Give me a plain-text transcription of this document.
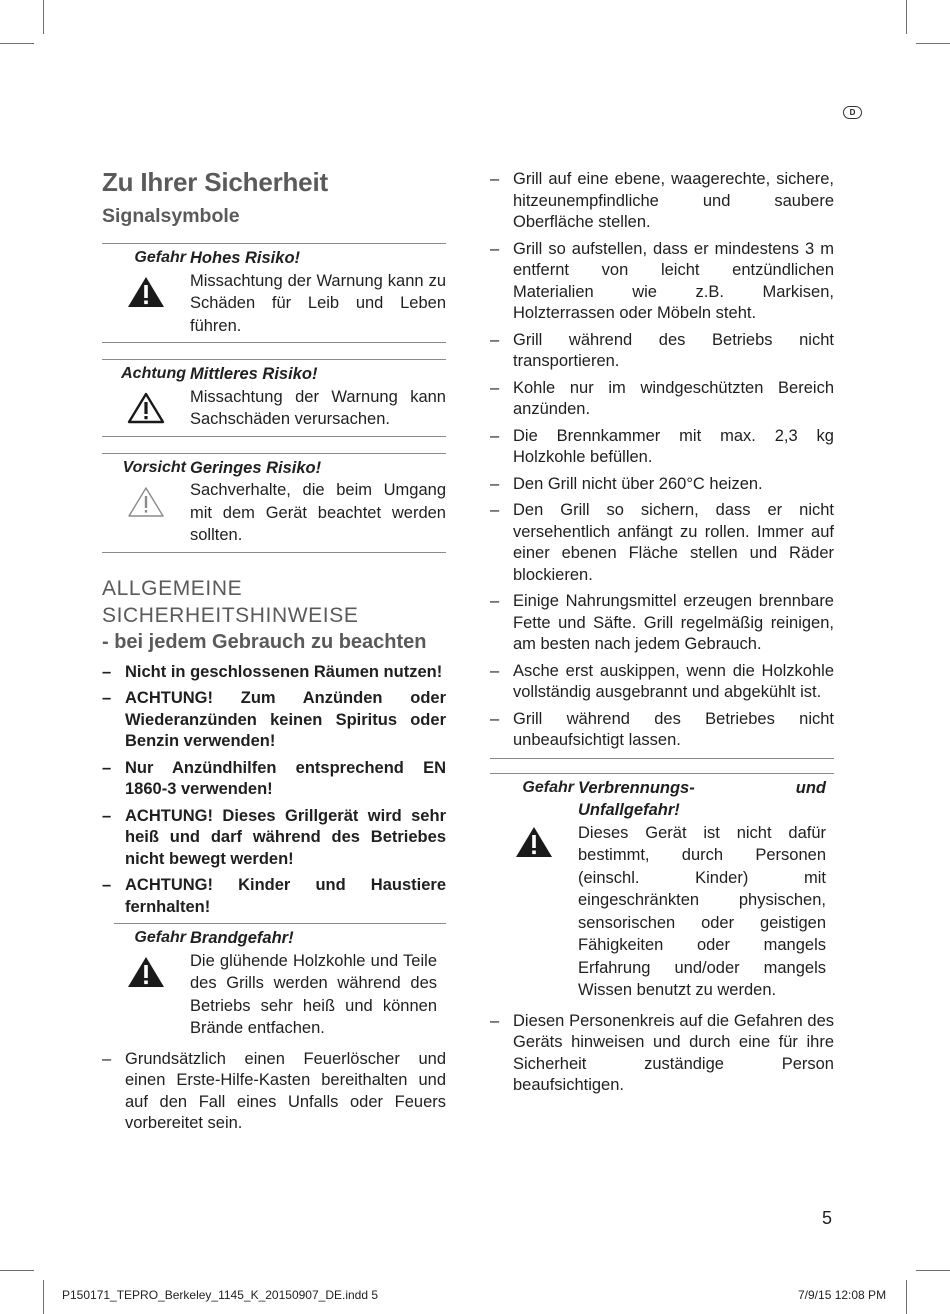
D
Zu Ihrer Sicherheit
Signalsymbole
Gefahr Hohes Risiko!
Missachtung der Warnung kann zu Schäden für Leib und Leben führen.
Achtung Mittleres Risiko!
Missachtung der Warnung kann Sachschäden verursachen.
Vorsicht Geringes Risiko!
Sachverhalte, die beim Umgang mit dem Gerät beachtet werden sollten.
ALLGEMEINE
SICHERHEITSHINWEISE
- bei jedem Gebrauch zu beachten
– Nicht in geschlossenen Räumen nutzen!
– ACHTUNG! Zum Anzünden oder Wiederanzünden keinen Spiritus oder Benzin verwenden!
– Nur Anzündhilfen entsprechend EN 1860-3 verwenden!
– ACHTUNG! Dieses Grillgerät wird sehr heiß und darf während des Betriebes nicht bewegt werden!
– ACHTUNG! Kinder und Haustiere fernhalten!
Gefahr Brandgefahr!
Die glühende Holzkohle und Teile des Grills werden während des Betriebs sehr heiß und können Brände entfachen.
– Grundsätzlich einen Feuerlöscher und einen Erste-Hilfe-Kasten bereithalten und auf den Fall eines Unfalls oder Feuers vorbereitet sein.
– Grill auf eine ebene, waagerechte, sichere, hitzeunempfindliche und saubere Oberfläche stellen.
– Grill so aufstellen, dass er mindestens 3 m entfernt von leicht entzündlichen Materialien wie z.B. Markisen, Holzterrassen oder Möbeln steht.
– Grill während des Betriebs nicht transportieren.
– Kohle nur im windgeschützten Bereich anzünden.
– Die Brennkammer mit max. 2,3 kg Holzkohle befüllen.
– Den Grill nicht über 260°C heizen.
– Den Grill so sichern, dass er nicht versehentlich anfängt zu rollen. Immer auf einer ebenen Fläche stellen und Räder blockieren.
– Einige Nahrungsmittel erzeugen brennbare Fette und Säfte. Grill regelmäßig reinigen, am besten nach jedem Gebrauch.
– Asche erst auskippen, wenn die Holzkohle vollständig ausgebrannt und abgekühlt ist.
– Grill während des Betriebes nicht unbeaufsichtigt lassen.
Gefahr Verbrennungs- und Unfallgefahr!
Dieses Gerät ist nicht dafür bestimmt, durch Personen (einschl. Kinder) mit eingeschränkten physischen, sensorischen oder geistigen Fähigkeiten oder mangels Erfahrung und/oder mangels Wissen benutzt zu werden.
– Diesen Personenkreis auf die Gefahren des Geräts hinweisen und durch eine für ihre Sicherheit zuständige Person beaufsichtigen.
5
P150171_TEPRO_Berkeley_1145_K_20150907_DE.indd 5	7/9/15 12:08 PM
